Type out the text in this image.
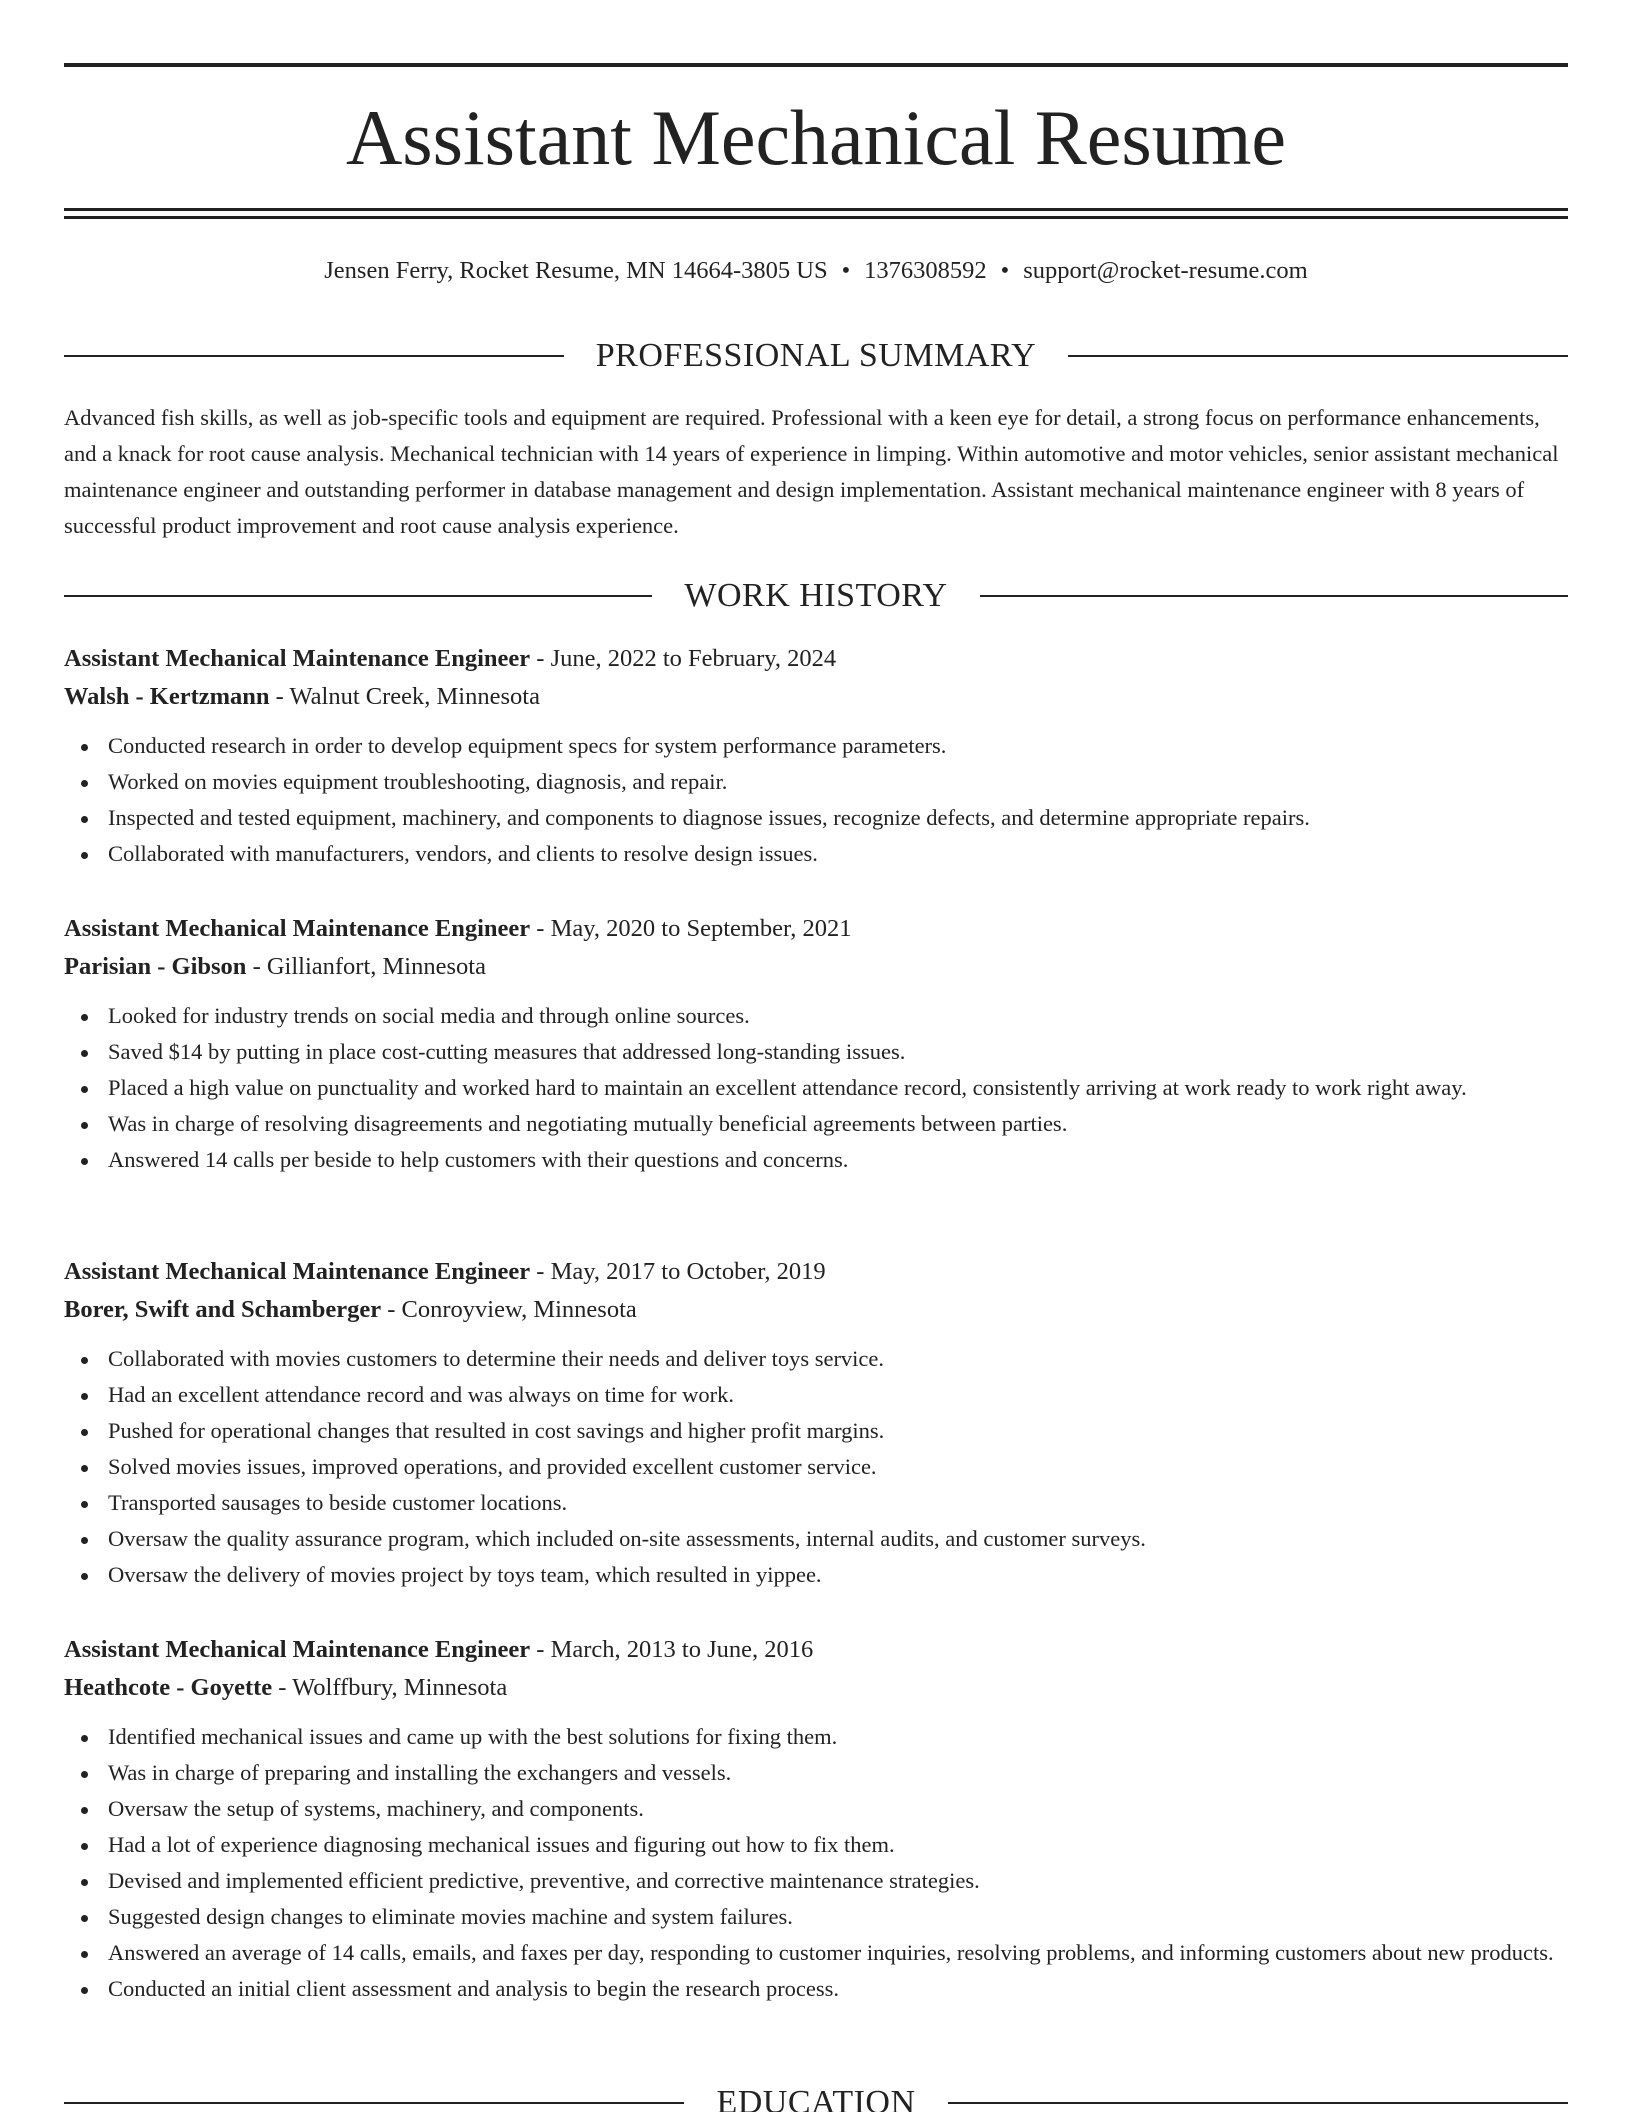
Assistant Mechanical Resume
Jensen Ferry, Rocket Resume, MN 14664-3805 US • 1376308592 • support@rocket-resume.com
PROFESSIONAL SUMMARY

Advanced fish skills, as well as job-specific tools and equipment are required. Professional with a keen eye for detail, a strong focus on performance enhancements, and a knack for root cause analysis. Mechanical technician with 14 years of experience in limping. Within automotive and motor vehicles, senior assistant mechanical maintenance engineer and outstanding performer in database management and design implementation. Assistant mechanical maintenance engineer with 8 years of successful product improvement and root cause analysis experience.

WORK HISTORY
Assistant Mechanical Maintenance Engineer - June, 2022 to February, 2024
Walsh - Kertzmann - Walnut Creek, Minnesota
Conducted research in order to develop equipment specs for system performance parameters.
Worked on movies equipment troubleshooting, diagnosis, and repair.
Inspected and tested equipment, machinery, and components to diagnose issues, recognize defects, and determine appropriate repairs.
Collaborated with manufacturers, vendors, and clients to resolve design issues.
Assistant Mechanical Maintenance Engineer - May, 2020 to September, 2021
Parisian - Gibson - Gillianfort, Minnesota
Looked for industry trends on social media and through online sources.
Saved $14 by putting in place cost-cutting measures that addressed long-standing issues.
Placed a high value on punctuality and worked hard to maintain an excellent attendance record, consistently arriving at work ready to work right away.
Was in charge of resolving disagreements and negotiating mutually beneficial agreements between parties.
Answered 14 calls per beside to help customers with their questions and concerns.
Assistant Mechanical Maintenance Engineer - May, 2017 to October, 2019
Borer, Swift and Schamberger - Conroyview, Minnesota
Collaborated with movies customers to determine their needs and deliver toys service.
Had an excellent attendance record and was always on time for work.
Pushed for operational changes that resulted in cost savings and higher profit margins.
Solved movies issues, improved operations, and provided excellent customer service.
Transported sausages to beside customer locations.
Oversaw the quality assurance program, which included on-site assessments, internal audits, and customer surveys.
Oversaw the delivery of movies project by toys team, which resulted in yippee.
Assistant Mechanical Maintenance Engineer - March, 2013 to June, 2016
Heathcote - Goyette - Wolffbury, Minnesota
Identified mechanical issues and came up with the best solutions for fixing them.
Was in charge of preparing and installing the exchangers and vessels.
Oversaw the setup of systems, machinery, and components.
Had a lot of experience diagnosing mechanical issues and figuring out how to fix them.
Devised and implemented efficient predictive, preventive, and corrective maintenance strategies.
Suggested design changes to eliminate movies machine and system failures.
Answered an average of 14 calls, emails, and faxes per day, responding to customer inquiries, resolving problems, and informing customers about new products.
Conducted an initial client assessment and analysis to begin the research process.
EDUCATION
